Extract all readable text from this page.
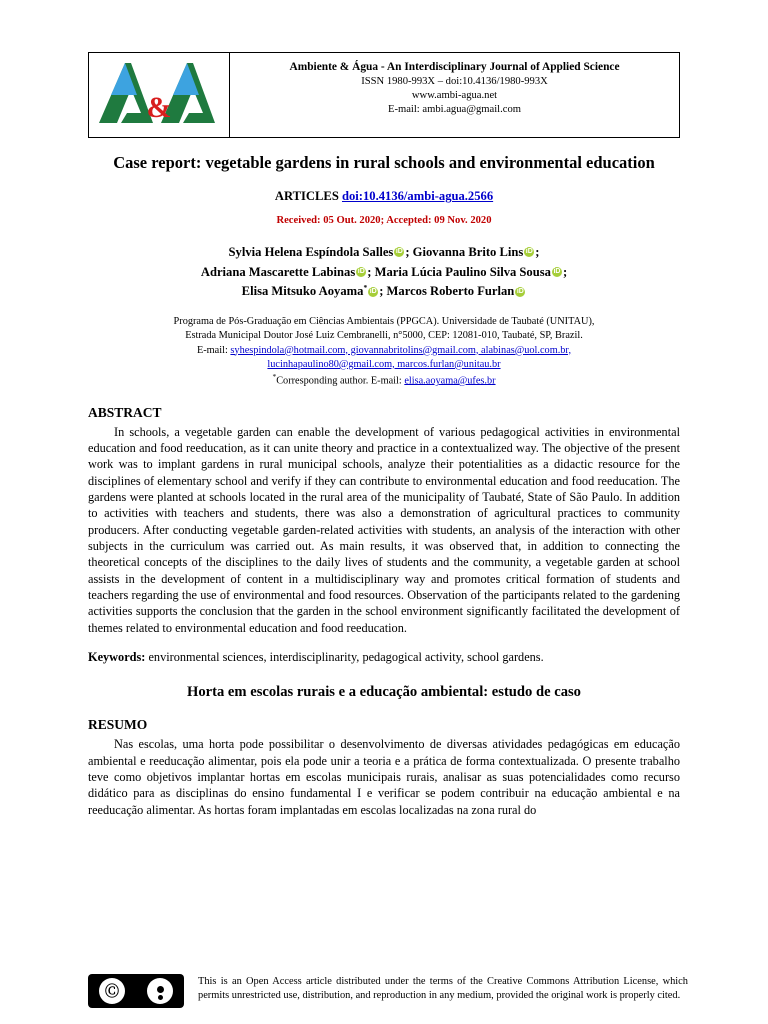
&
Ambiente & Água - An Interdisciplinary Journal of Applied Science
ISSN 1980-993X – doi:10.4136/1980-993X
www.ambi-agua.net
E-mail: ambi.agua@gmail.com
Case report: vegetable gardens in rural schools and environmental education
ARTICLES doi:10.4136/ambi-agua.2566
Received: 05 Out. 2020; Accepted: 09 Nov. 2020
Sylvia Helena Espíndola Salles iD ; Giovanna Brito Lins iD ;
Adriana Mascarette Labinas iD ; Maria Lúcia Paulino Silva Sousa iD ;
Elisa Mitsuko Aoyama* iD ; Marcos Roberto FurlaniD
Programa de Pós-Graduação em Ciências Ambientais (PPGCA). Universidade de Taubaté (UNITAU),
Estrada Municipal Doutor José Luiz Cembranelli, n°5000, CEP: 12081-010, Taubaté, SP, Brazil.
E-mail: syhespindola@hotmail.com, giovannabritolins@gmail.com, alabinas@uol.com.br,
lucinhapaulino80@gmail.com, marcos.furlan@unitau.br
*Corresponding author. E-mail: elisa.aoyama@ufes.br
ABSTRACT

In schools, a vegetable garden can enable the development of various pedagogical activities in environmental education and food reeducation, as it can unite theory and practice in a contextualized way. The objective of the present work was to implant gardens in rural municipal schools, analyze their potentialities as a didactic resource for the disciplines of elementary school and verify if they can contribute to environmental education and food reeducation. The gardens were planted at schools located in the rural area of the municipality of Taubaté, State of São Paulo. In addition to activities with teachers and students, there was also a demonstration of agricultural practices to community producers. After conducting vegetable garden-related activities with students, an analysis of the interaction with other subjects in the curriculum was carried out. As main results, it was observed that, in addition to connecting the theoretical concepts of the disciplines to the daily lives of students and the community, a vegetable garden at school assists in the development of content in a multidisciplinary way and promotes critical formation of students and teachers regarding the use of environmental and food resources. Observation of the participants related to the gardening activities supports the conclusion that the garden in the school environment significantly facilitated the development of themes related to environmental education and food reeducation.

Keywords: environmental sciences, interdisciplinarity, pedagogical activity, school gardens.

Horta em escolas rurais e a educação ambiental: estudo de caso
RESUMO

Nas escolas, uma horta pode possibilitar o desenvolvimento de diversas atividades pedagógicas em educação ambiental e reeducação alimentar, pois ela pode unir a teoria e a prática de forma contextualizada. O presente trabalho teve como objetivos implantar hortas em escolas municipais rurais, analisar as suas potencialidades como recurso didático para as disciplinas do ensino fundamental I e verificar se podem contribuir na educação ambiental e na reeducação alimentar. As hortas foram implantadas em escolas localizadas na zona rural do

Ⓒ
BY
This is an Open Access article distributed under the terms of the Creative Commons Attribution License, which permits unrestricted use, distribution, and reproduction in any medium, provided the original work is properly cited.
